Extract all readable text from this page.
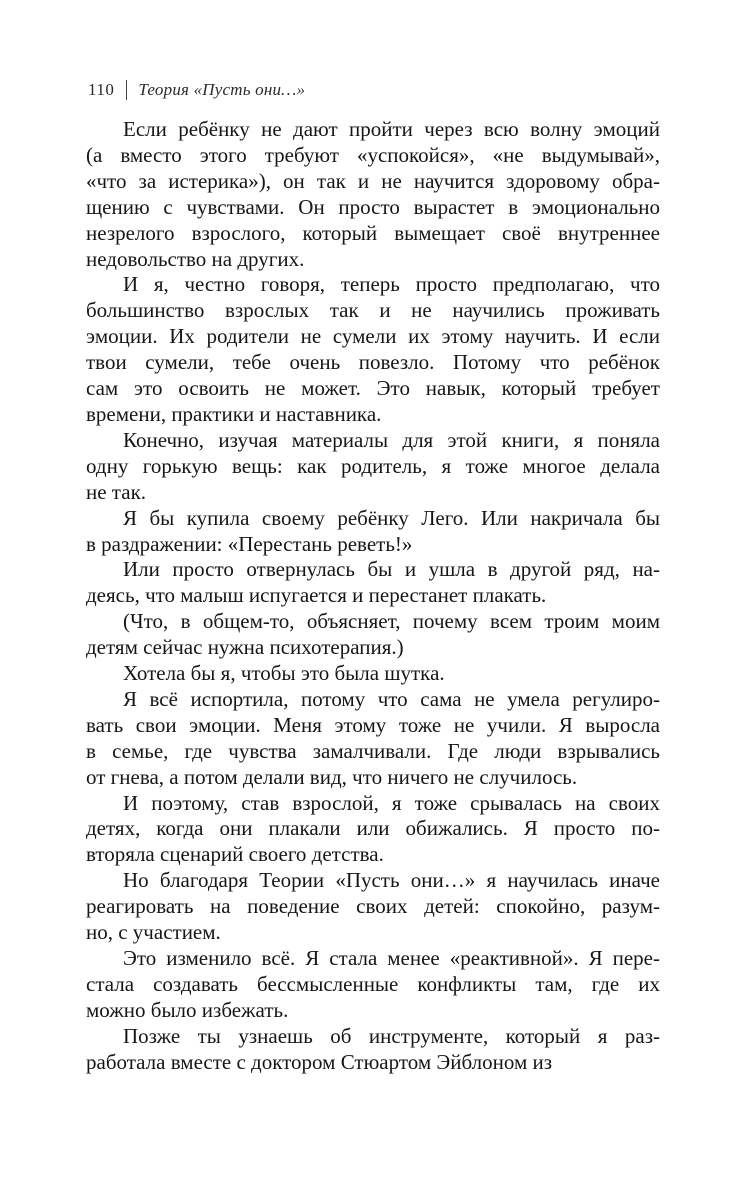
110 Теория «Пусть они…»

Если ребёнку не дают пройти через всю волну эмоций
(а вместо этого требуют «успокойся», «не выдумывай»,
«что за истерика»), он так и не научится здоровому обра-
щению с чувствами. Он просто вырастет в эмоционально
незрелого взрослого, который вымещает своё внутреннее
недовольство на других.

И я, честно говоря, теперь просто предполагаю, что
большинство взрослых так и не научились проживать
эмоции. Их родители не сумели их этому научить. И если
твои сумели, тебе очень повезло. Потому что ребёнок
сам это освоить не может. Это навык, который требует
времени, практики и наставника.

Конечно, изучая материалы для этой книги, я поняла
одну горькую вещь: как родитель, я тоже многое делала
не так.

Я бы купила своему ребёнку Лего. Или накричала бы
в раздражении: «Перестань реветь!»

Или просто отвернулась бы и ушла в другой ряд, на-
деясь, что малыш испугается и перестанет плакать.

(Что, в общем-то, объясняет, почему всем троим моим
детям сейчас нужна психотерапия.)

Хотела бы я, чтобы это была шутка.

Я всё испортила, потому что сама не умела регулиро-
вать свои эмоции. Меня этому тоже не учили. Я выросла
в семье, где чувства замалчивали. Где люди взрывались
от гнева, а потом делали вид, что ничего не случилось.

И поэтому, став взрослой, я тоже срывалась на своих
детях, когда они плакали или обижались. Я просто по-
вторяла сценарий своего детства.

Но благодаря Теории «Пусть они…» я научилась иначе
реагировать на поведение своих детей: спокойно, разум-
но, с участием.

Это изменило всё. Я стала менее «реактивной». Я пере-
стала создавать бессмысленные конфликты там, где их
можно было избежать.

Позже ты узнаешь об инструменте, который я раз-
работала вместе с доктором Стюартом Эйблоном из
